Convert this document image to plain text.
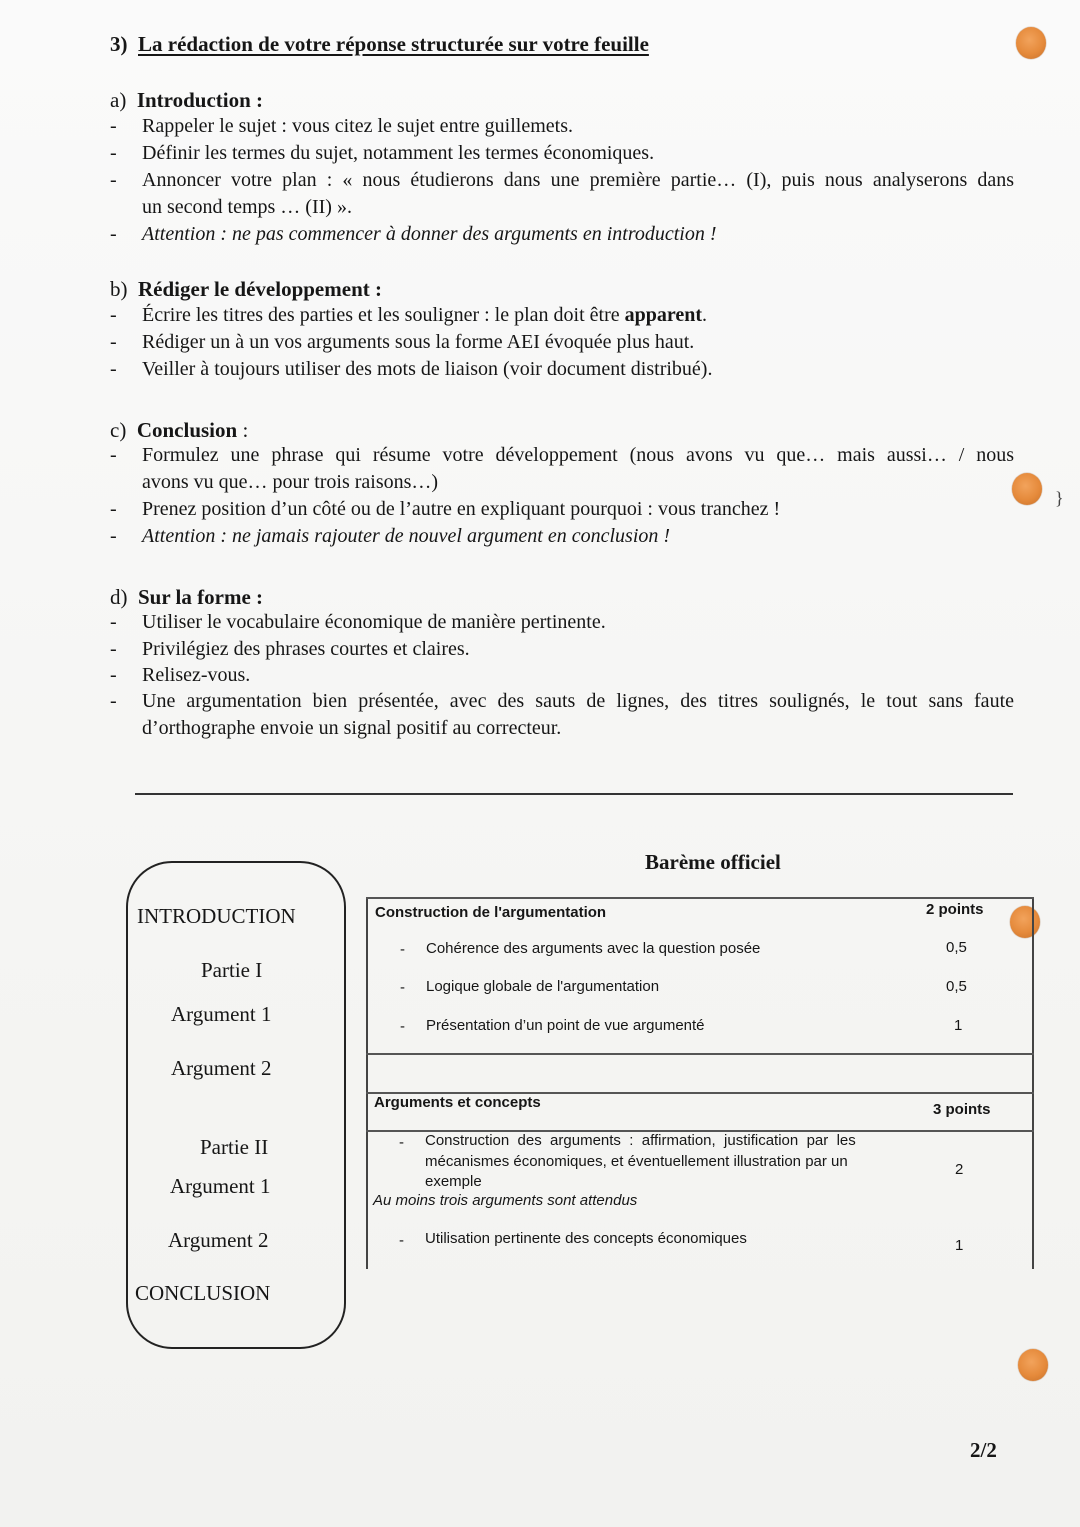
}
3) La rédaction de votre réponse structurée sur votre feuille
a) Introduction :
- Rappeler le sujet : vous citez le sujet entre guillemets.
- Définir les termes du sujet, notamment les termes économiques.
- Annoncer votre plan : « nous étudierons dans une première partie… (I), puis nous analyserons dans
un second temps … (II) ».
- Attention : ne pas commencer à donner des arguments en introduction !
b) Rédiger le développement :
- Écrire les titres des parties et les souligner : le plan doit être apparent.
- Rédiger un à un vos arguments sous la forme AEI évoquée plus haut.
- Veiller à toujours utiliser des mots de liaison (voir document distribué).
c) Conclusion :
- Formulez une phrase qui résume votre développement (nous avons vu que… mais aussi… / nous
avons vu que… pour trois raisons…)
- Prenez position d’un côté ou de l’autre en expliquant pourquoi : vous tranchez !
- Attention : ne jamais rajouter de nouvel argument en conclusion !
d) Sur la forme :
- Utiliser le vocabulaire économique de manière pertinente.
- Privilégiez des phrases courtes et claires.
- Relisez-vous.
- Une argumentation bien présentée, avec des sauts de lignes, des titres soulignés, le tout sans faute
d’orthographe envoie un signal positif au correcteur.
INTRODUCTION
Partie I
Argument 1
Argument 2
Partie II
Argument 1
Argument 2
CONCLUSION
Barème officiel
Construction de l'argumentation	2 points
- Cohérence des arguments avec la question posée	0,5
- Logique globale de l'argumentation	0,5
- Présentation d’un point de vue argumenté	1
Arguments et concepts	3 points
- Construction  des  arguments  :  affirmation,  justification  par  les
mécanismes économiques, et éventuellement illustration par un
exemple
2
Au moins trois arguments sont attendus
- Utilisation pertinente des concepts économiques	1
2/2
